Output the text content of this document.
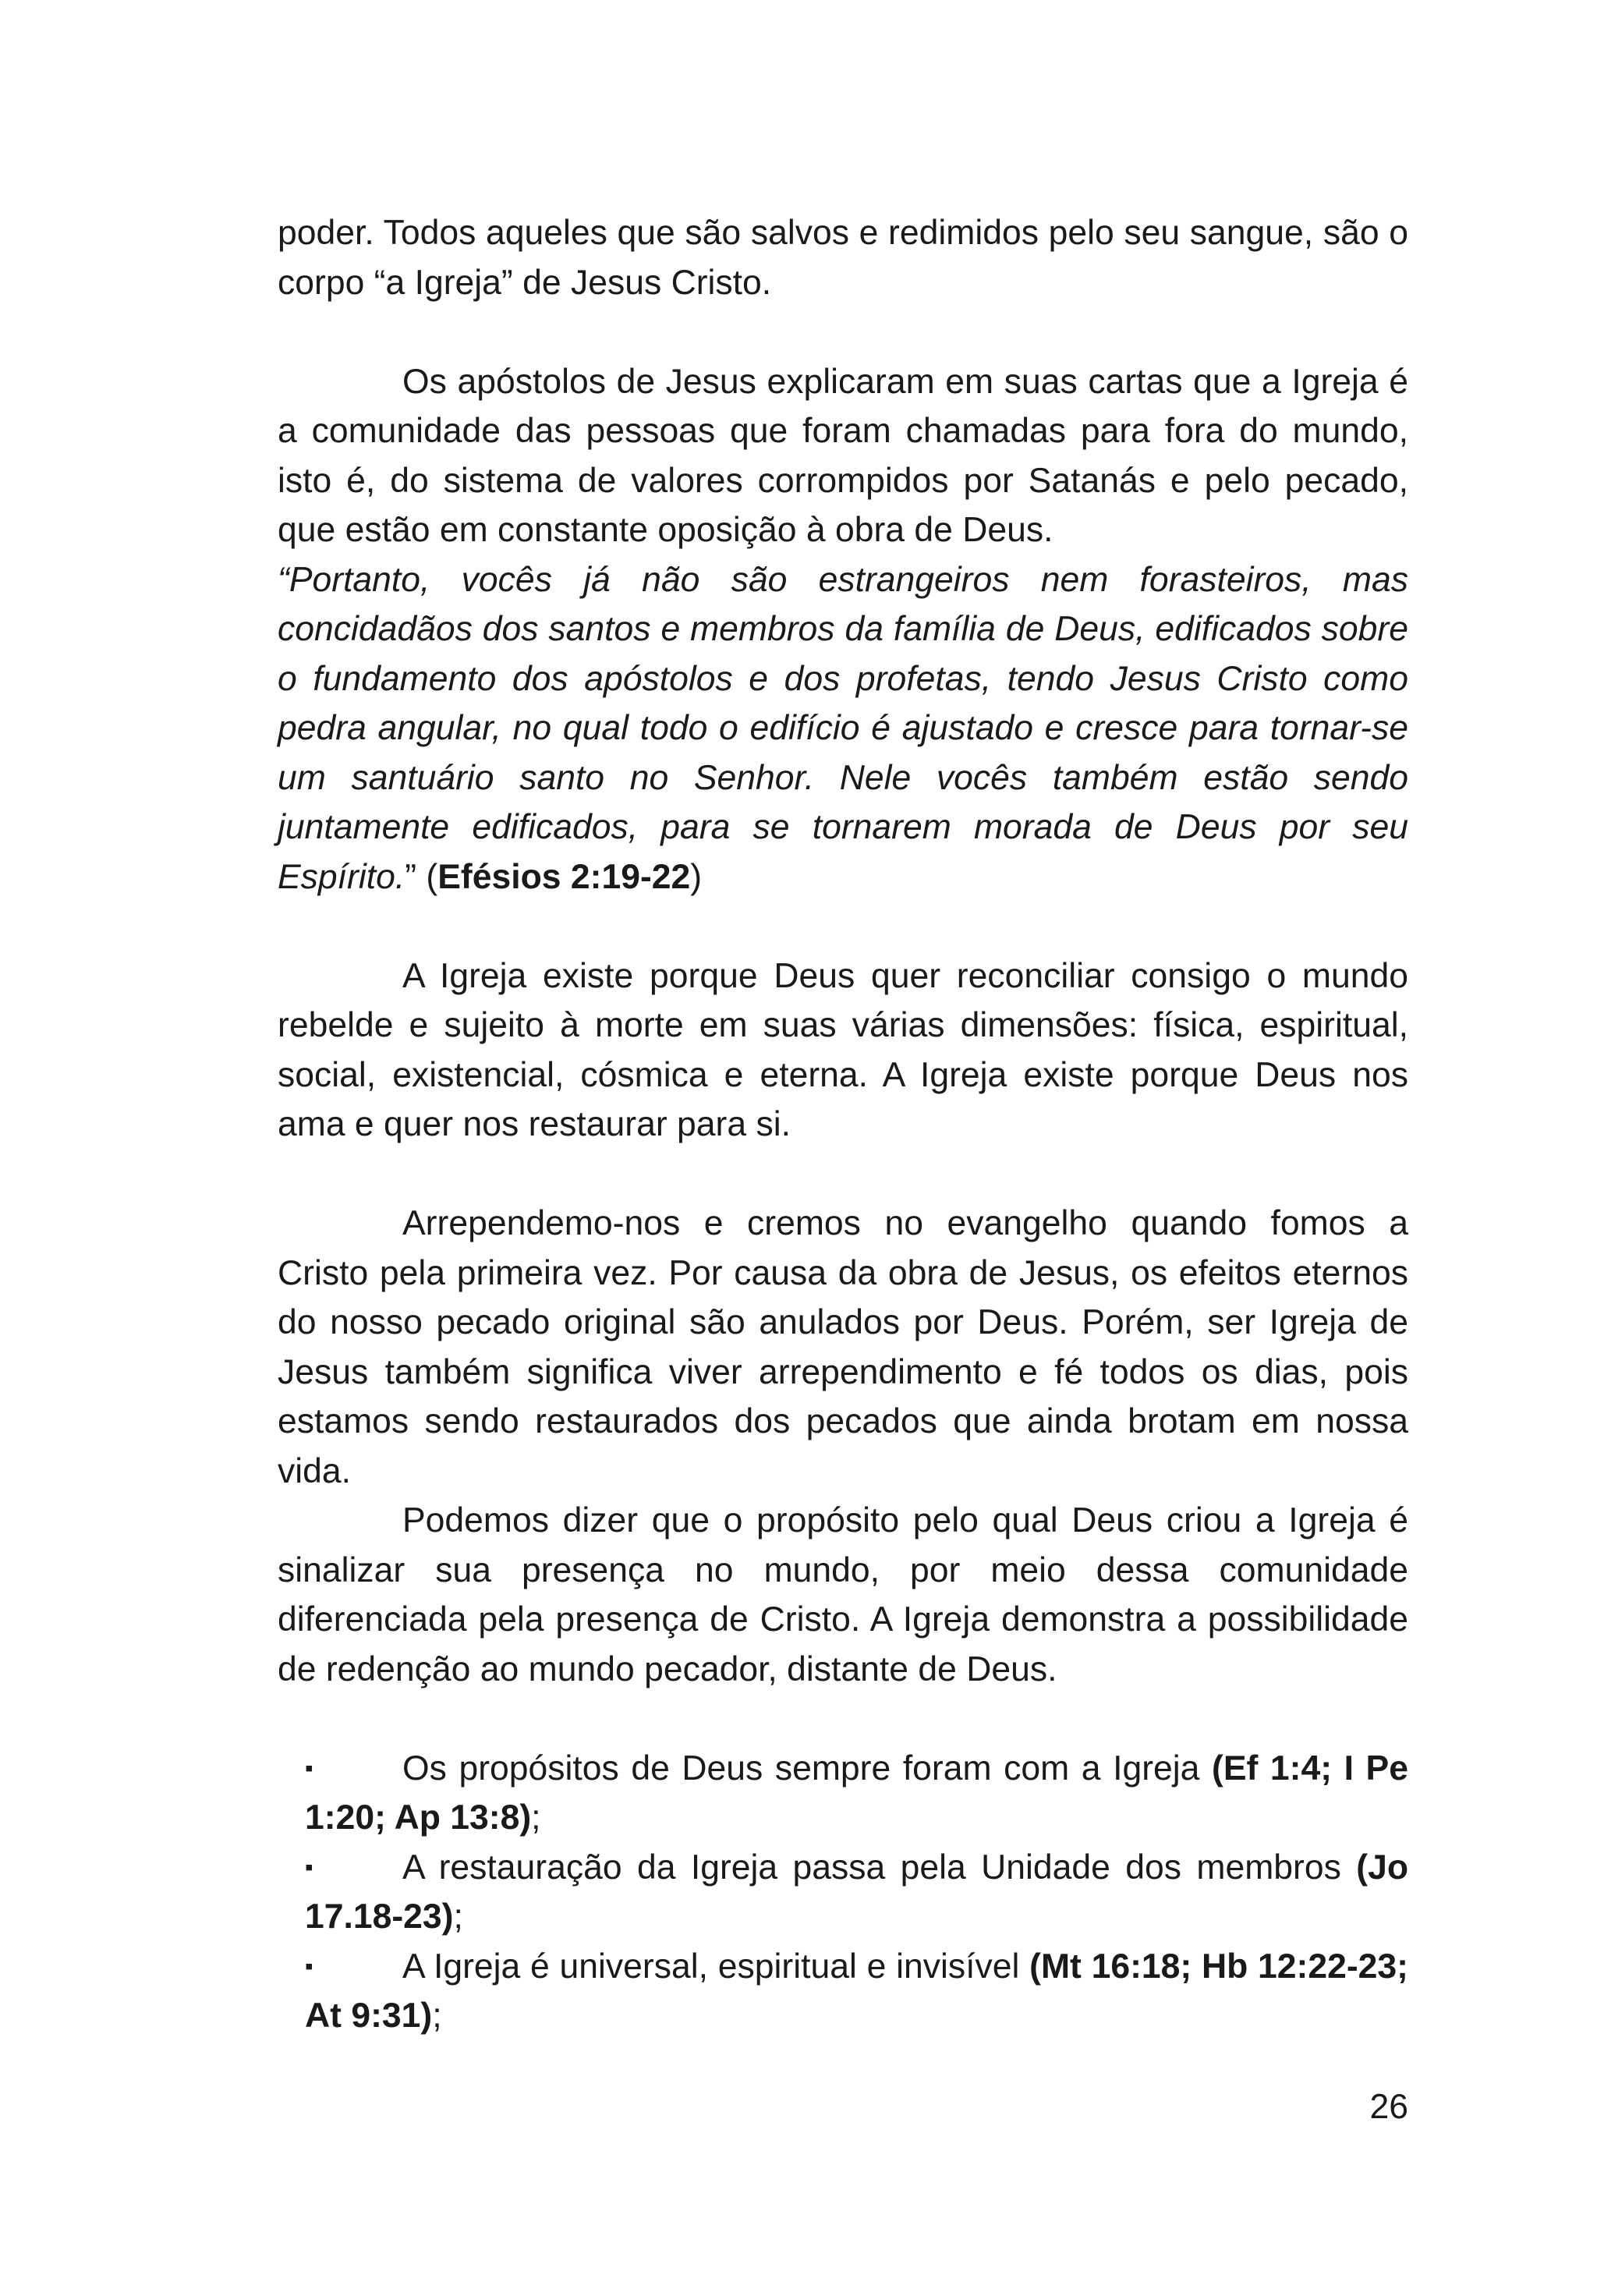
poder. Todos aqueles que são salvos e redimidos pelo seu sangue, são o corpo “a Igreja” de Jesus Cristo.

Os apóstolos de Jesus explicaram em suas cartas que a Igreja é a comunidade das pessoas que foram chamadas para fora do mundo, isto é, do sistema de valores corrompidos por Satanás e pelo pecado, que estão em constante oposição à obra de Deus.

“Portanto, vocês já não são estrangeiros nem forasteiros, mas concidadãos dos santos e membros da família de Deus, edificados sobre o fundamento dos apóstolos e dos profetas, tendo Jesus Cristo como pedra angular, no qual todo o edifício é ajustado e cresce para tornar-se um santuário santo no Senhor. Nele vocês também estão sendo juntamente edificados, para se tornarem morada de Deus por seu Espírito.” (Efésios 2:19-22)

A Igreja existe porque Deus quer reconciliar consigo o mundo rebelde e sujeito à morte em suas várias dimensões: física, espiritual, social, existencial, cósmica e eterna. A Igreja existe porque Deus nos ama e quer nos restaurar para si.

Arrependemo-nos e cremos no evangelho quando fomos a Cristo pela primeira vez. Por causa da obra de Jesus, os efeitos eternos do nosso pecado original são anulados por Deus. Porém, ser Igreja de Jesus também significa viver arrependimento e fé todos os dias, pois estamos sendo restaurados dos pecados que ainda brotam em nossa vida.

Podemos dizer que o propósito pelo qual Deus criou a Igreja é sinalizar sua presença no mundo, por meio dessa comunidade diferenciada pela presença de Cristo. A Igreja demonstra a possibilidade de redenção ao mundo pecador, distante de Deus.

▪	Os propósitos de Deus sempre foram com a Igreja (Ef 1:4; I Pe 1:20; Ap 13:8);
▪	A restauração da Igreja passa pela Unidade dos membros (Jo 17.18-23);
▪	A Igreja é universal, espiritual e invisível (Mt 16:18; Hb 12:22-23; At 9:31);
26
